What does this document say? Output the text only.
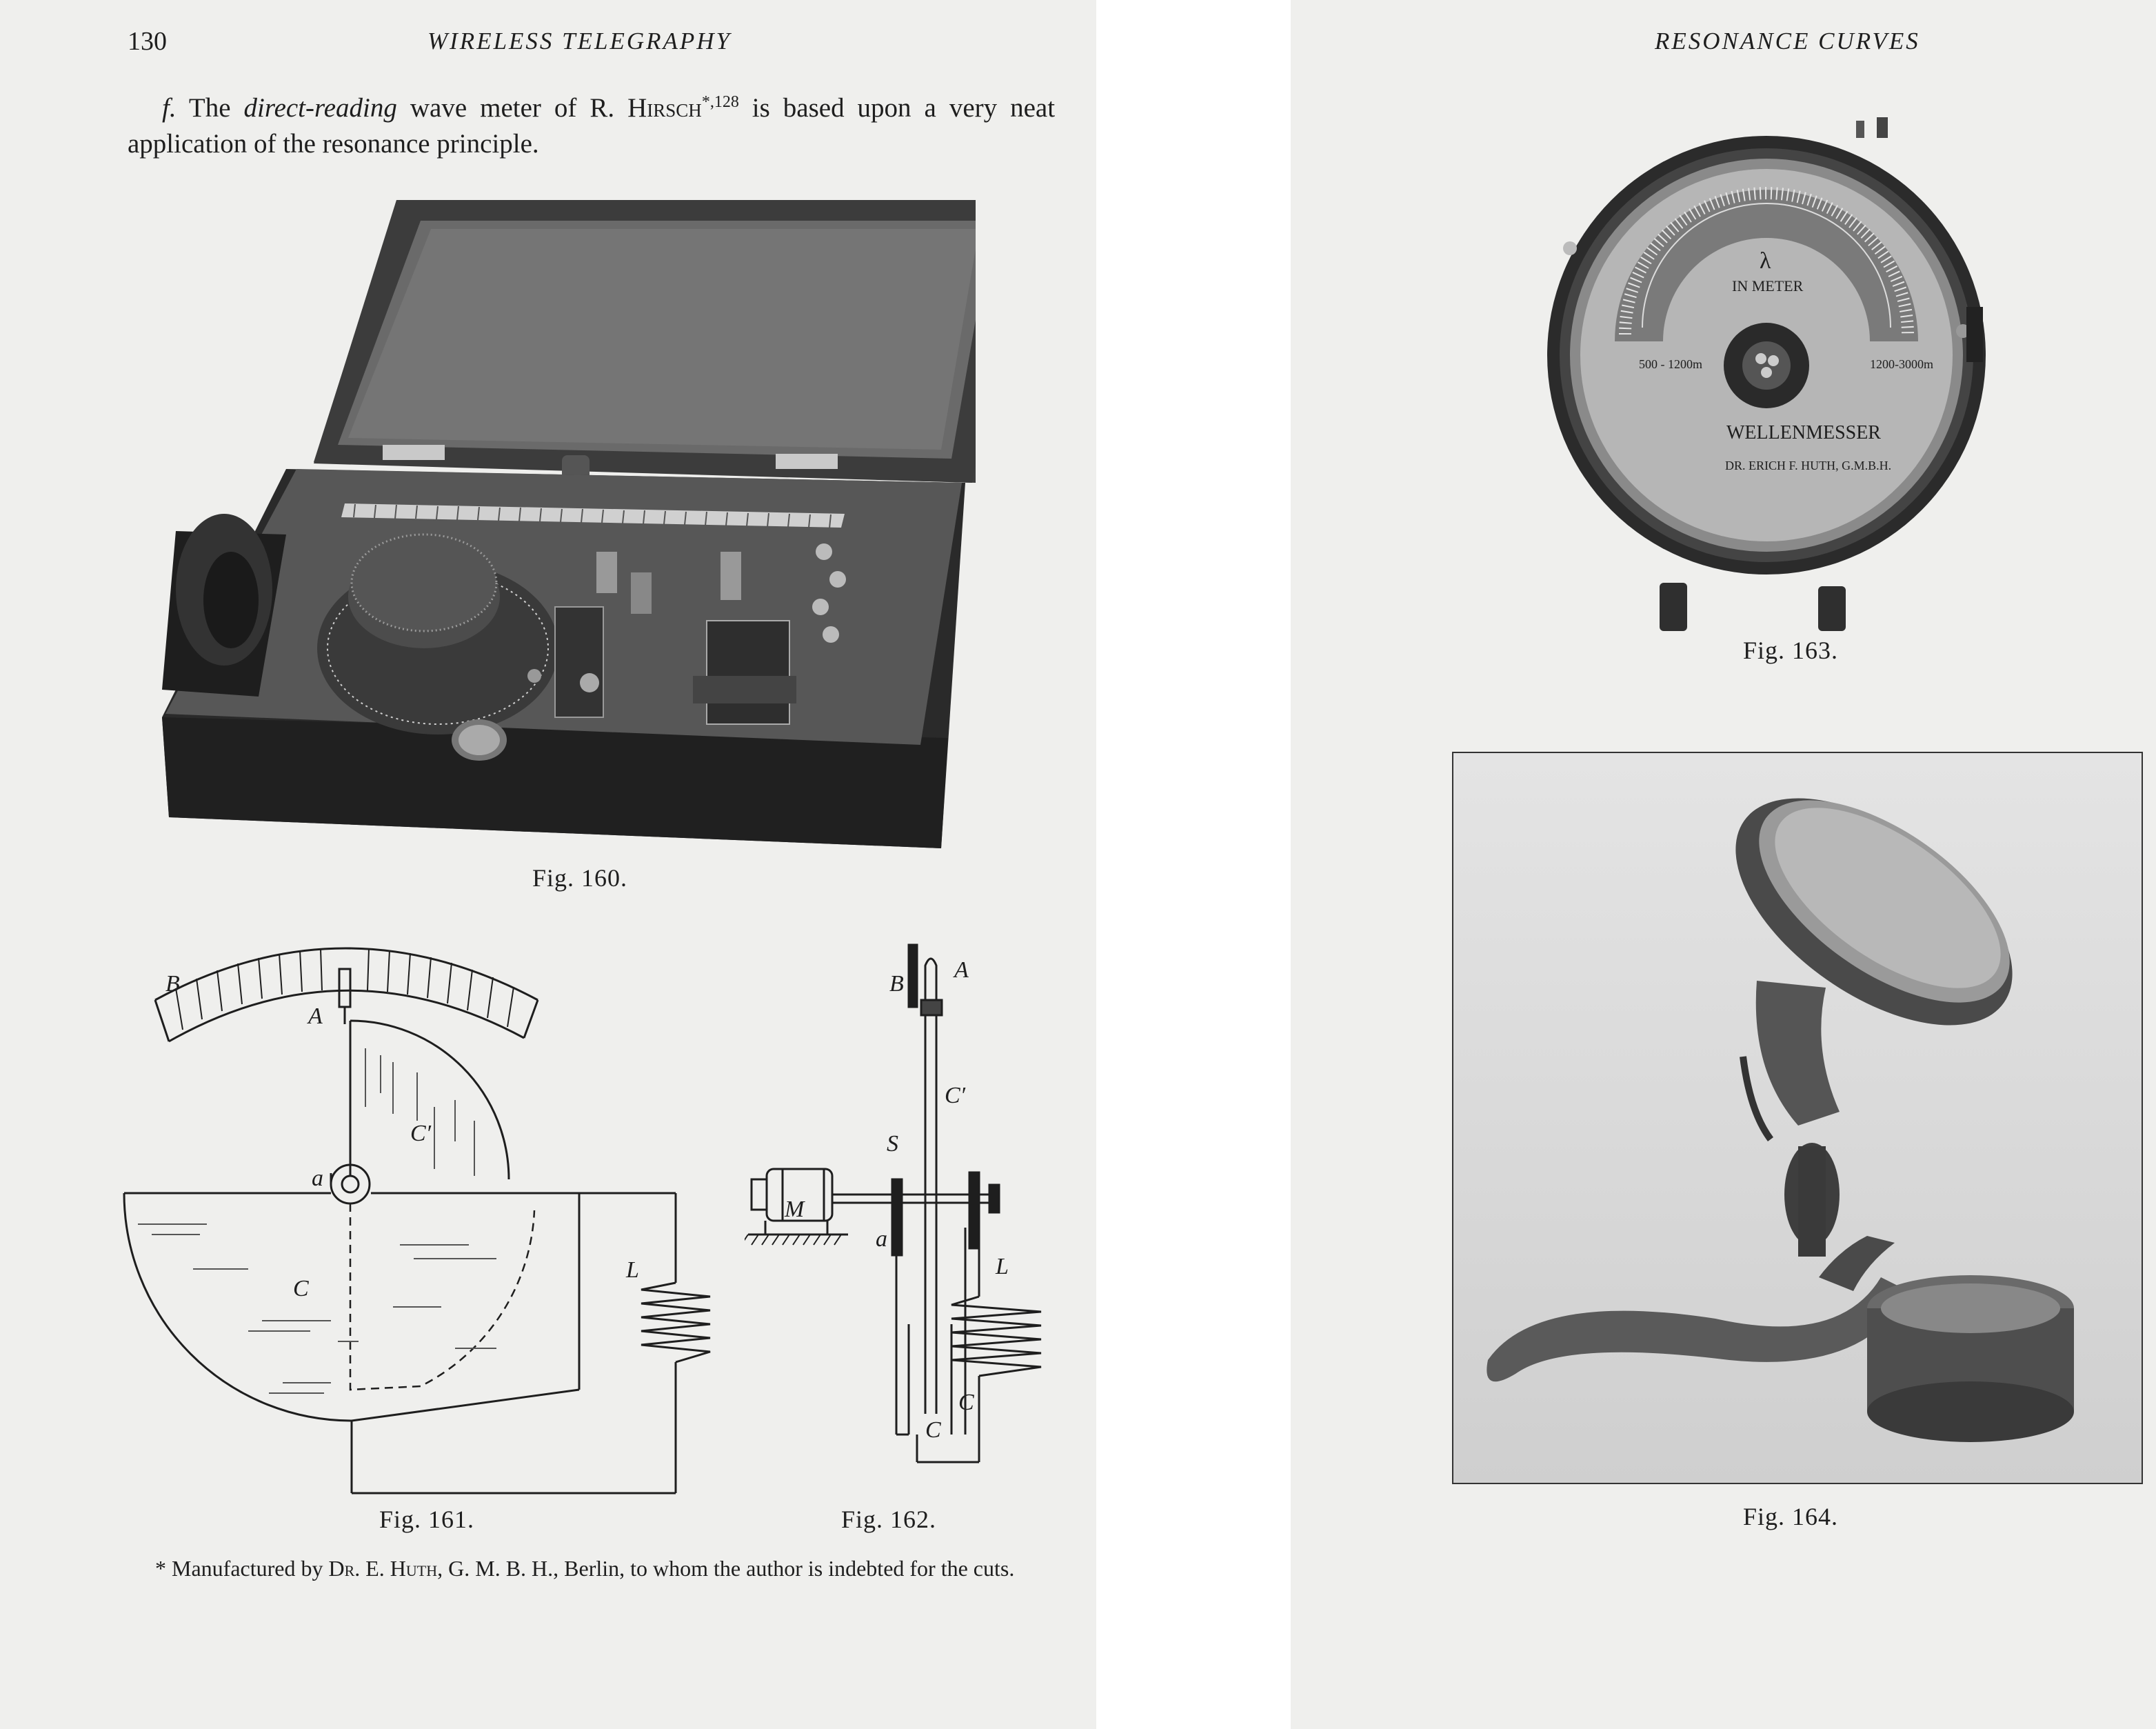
130	WIRELESS TELEGRAPHY
f. The direct-reading wave meter of R. Hirsch$^{*,128}$ is based upon a very neat application of the resonance principle.
Fig. 160.
B
A
C′
a
C
L
Fig. 161.
B
A
C′
S
M
a
L
C
C
Fig. 162.
* Manufactured by Dr. E. Huth, G. M. B. H., Berlin, to whom the author is indebted for the cuts.
RESONANCE CURVES
λ
IN METER
500 - 1200m	1200-3000m
WELLENMESSER
DR. ERICH F. HUTH, G.M.B.H.
Fig. 163.
Fig. 164.
